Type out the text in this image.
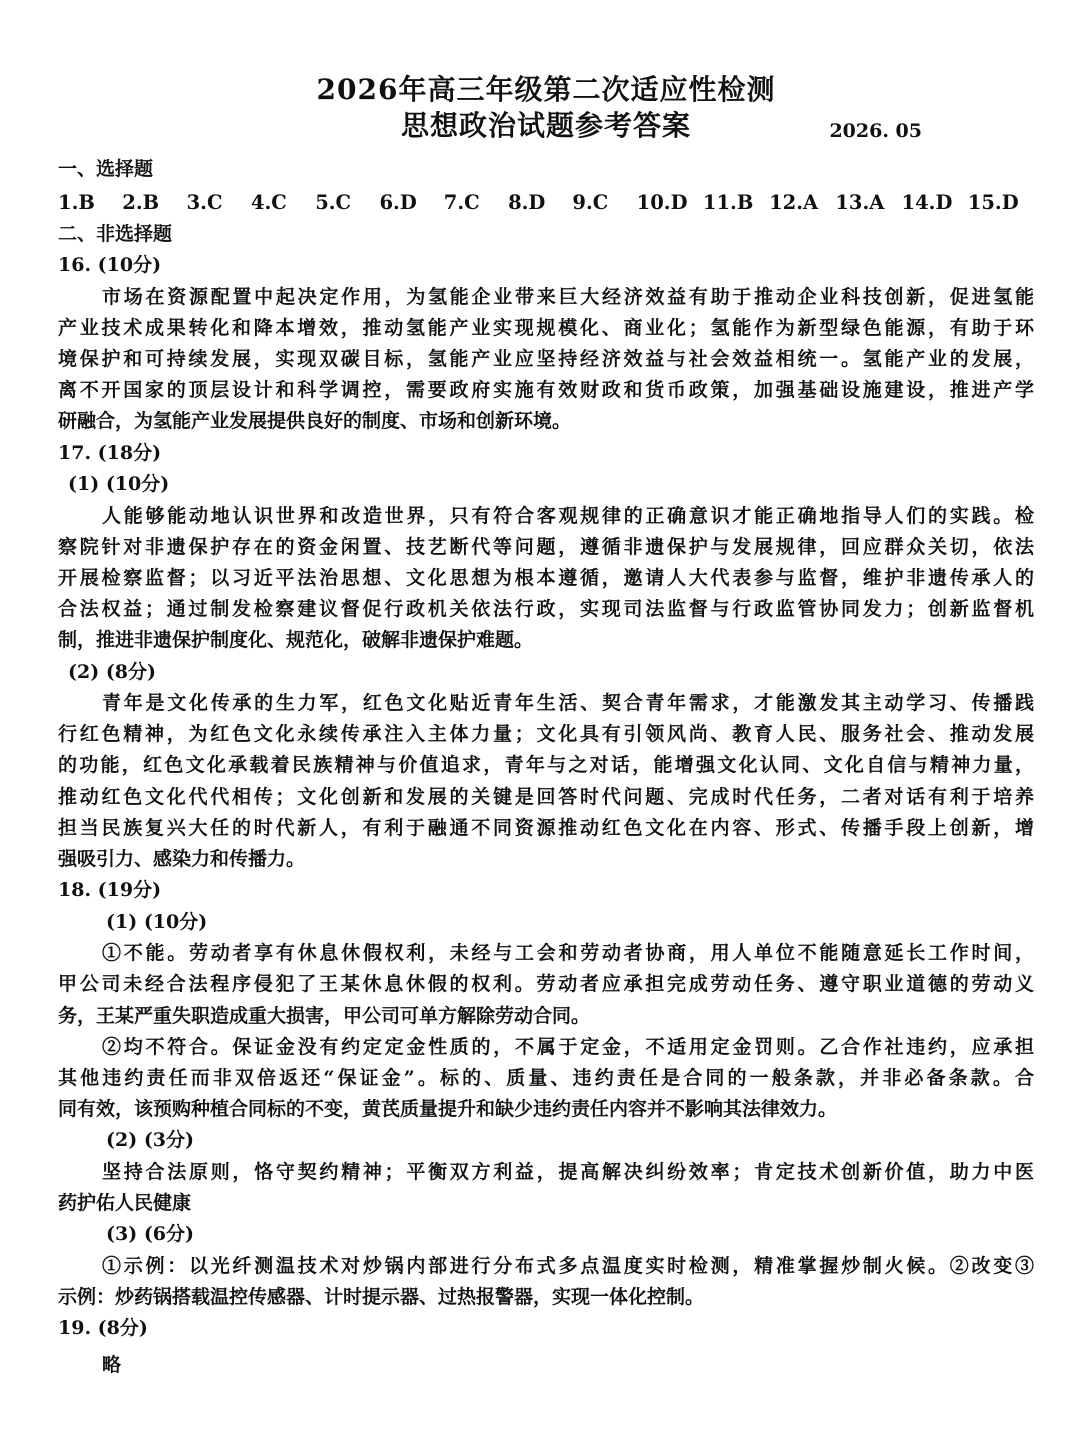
2026年高三年级第二次适应性检测
思想政治试题参考答案	2026. 05
一、选择题
1.B	2.B	3.C	4.C	5.C	6.D	7.C	8.D	9.C	10.D 11.B 12.A 13.A 14.D 15.D
二、非选择题
16. (10分)
市场在资源配置中起决定作用，为氢能企业带来巨大经济效益有助于推动企业科技创新，促进氢能
产业技术成果转化和降本增效，推动氢能产业实现规模化、商业化；氢能作为新型绿色能源，有助于环
境保护和可持续发展，实现双碳目标，氢能产业应坚持经济效益与社会效益相统一。氢能产业的发展，
离不开国家的顶层设计和科学调控，需要政府实施有效财政和货币政策，加强基础设施建设，推进产学
研融合，为氢能产业发展提供良好的制度、市场和创新环境。
17. (18分)
(1) (10分)
人能够能动地认识世界和改造世界，只有符合客观规律的正确意识才能正确地指导人们的实践。检
察院针对非遗保护存在的资金闲置、技艺断代等问题，遵循非遗保护与发展规律，回应群众关切，依法
开展检察监督；以习近平法治思想、文化思想为根本遵循，邀请人大代表参与监督，维护非遗传承人的
合法权益；通过制发检察建议督促行政机关依法行政，实现司法监督与行政监管协同发力；创新监督机
制，推进非遗保护制度化、规范化，破解非遗保护难题。
(2) (8分)
青年是文化传承的生力军，红色文化贴近青年生活、契合青年需求，才能激发其主动学习、传播践
行红色精神，为红色文化永续传承注入主体力量；文化具有引领风尚、教育人民、服务社会、推动发展
的功能，红色文化承载着民族精神与价值追求，青年与之对话，能增强文化认同、文化自信与精神力量，
推动红色文化代代相传；文化创新和发展的关键是回答时代问题、完成时代任务，二者对话有利于培养
担当民族复兴大任的时代新人，有利于融通不同资源推动红色文化在内容、形式、传播手段上创新，增
强吸引力、感染力和传播力。
18. (19分)
(1) (10分)
①不能。劳动者享有休息休假权利，未经与工会和劳动者协商，用人单位不能随意延长工作时间，
甲公司未经合法程序侵犯了王某休息休假的权利。劳动者应承担完成劳动任务、遵守职业道德的劳动义
务，王某严重失职造成重大损害，甲公司可单方解除劳动合同。
②均不符合。保证金没有约定定金性质的，不属于定金，不适用定金罚则。乙合作社违约，应承担
其他违约责任而非双倍返还“保证金”。标的、质量、违约责任是合同的一般条款，并非必备条款。合
同有效，该预购种植合同标的不变，黄芪质量提升和缺少违约责任内容并不影响其法律效力。
(2) (3分)
坚持合法原则，恪守契约精神；平衡双方利益，提高解决纠纷效率；肯定技术创新价值，助力中医
药护佑人民健康
(3) (6分)
①示例：以光纤测温技术对炒锅内部进行分布式多点温度实时检测，精准掌握炒制火候。②改变③
示例：炒药锅搭载温控传感器、计时提示器、过热报警器，实现一体化控制。
19. (8分)
略
